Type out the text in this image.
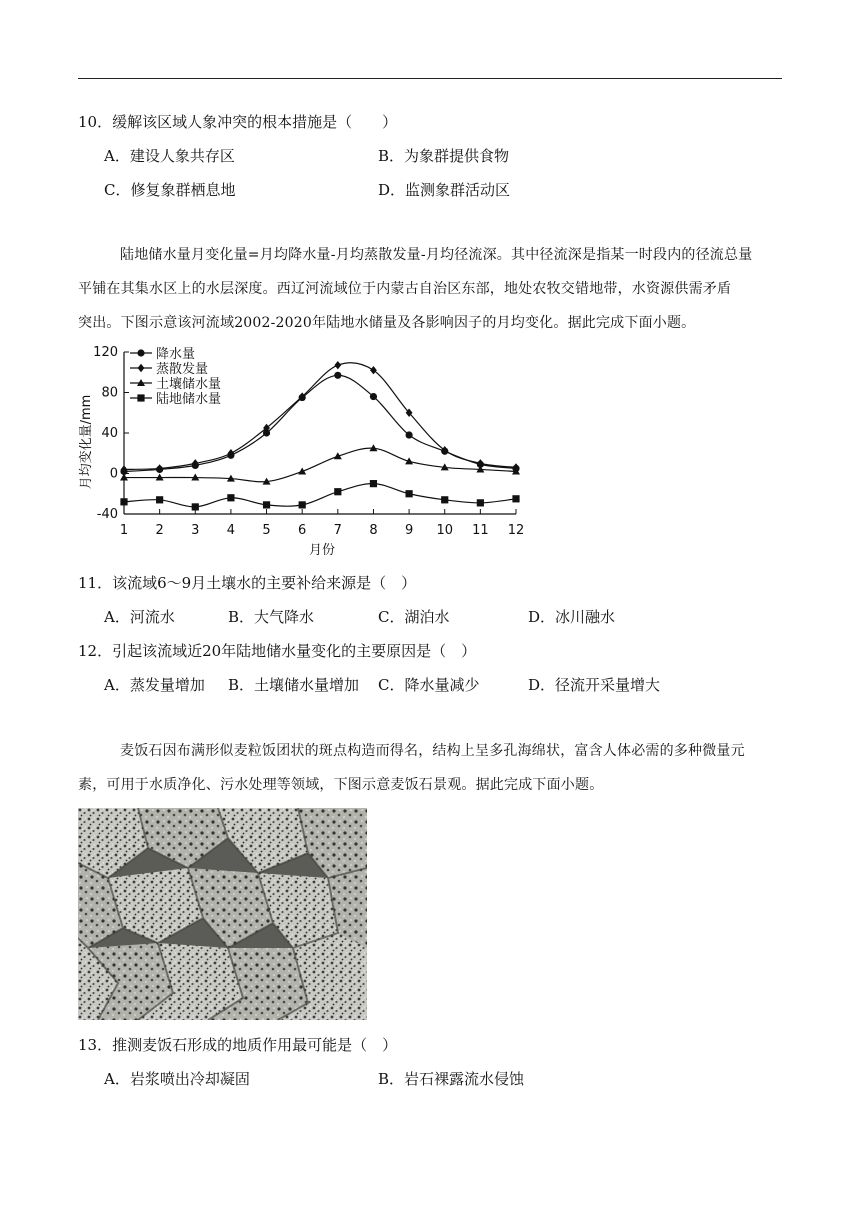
10．缓解该区域人象冲突的根本措施是（　　）
A．建设人象共存区	B．为象群提供食物
C．修复象群栖息地	D．监测象群活动区
陆地储水量月变化量=月均降水量-月均蒸散发量-月均径流深。其中径流深是指某一时段内的径流总量
平铺在其集水区上的水层深度。西辽河流域位于内蒙古自治区东部，地处农牧交错地带，水资源供需矛盾
突出。下图示意该河流域2002-2020年陆地水储量及各影响因子的月均变化。据此完成下面小题。
-40
0
40
80
120
1 2 3 4 5 6 7 8 9 10 11 12
降水量
蒸散发量
土壤储水量
陆地储水量
月均变化量/mm
月份
11．该流域6～9月土壤水的主要补给来源是（　）
A．河流水	B．大气降水	C．湖泊水	D．冰川融水
12．引起该流域近20年陆地储水量变化的主要原因是（　）
A．蒸发量增加 B．土壤储水量增加 C．降水量减少	D．径流开采量增大
麦饭石因布满形似麦粒饭团状的斑点构造而得名，结构上呈多孔海绵状，富含人体必需的多种微量元
素，可用于水质净化、污水处理等领域，下图示意麦饭石景观。据此完成下面小题。
13．推测麦饭石形成的地质作用最可能是（　）
A．岩浆喷出冷却凝固	B．岩石裸露流水侵蚀
